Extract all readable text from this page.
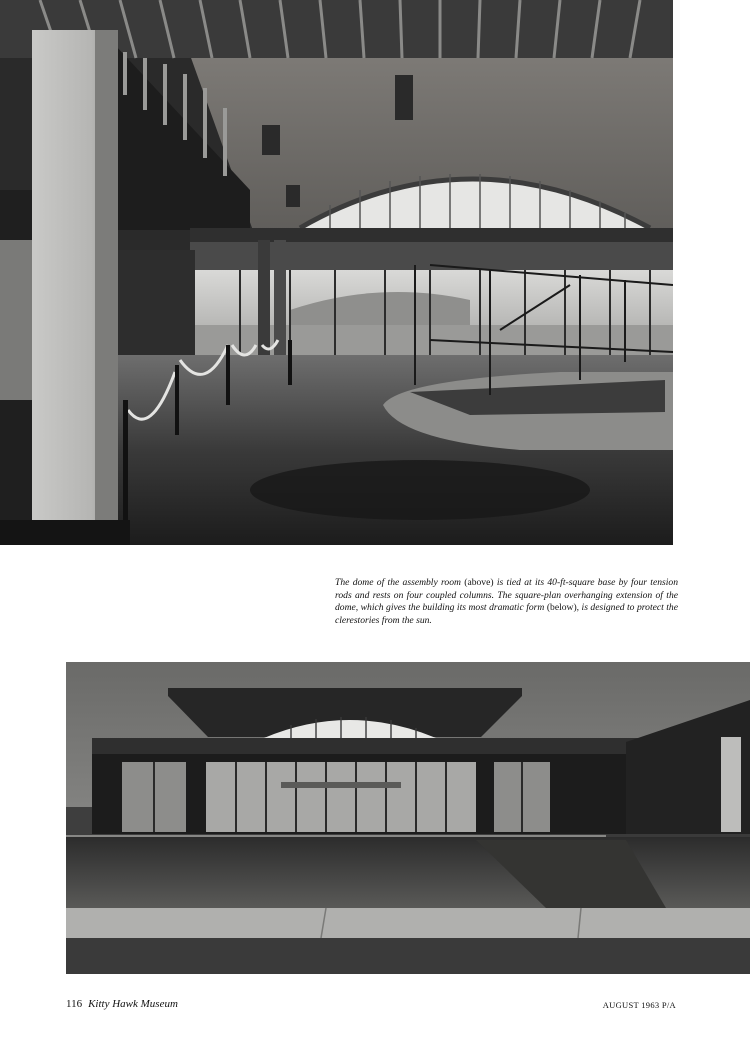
The dome of the assembly room (above) is tied at its 40-ft-square base by four tension rods and rests on four coupled columns. The square-plan overhanging extension of the dome, which gives the building its most dramatic form (below), is designed to protect the clerestories from the sun.

116 Kitty Hawk Museum	AUGUST 1963 P/A
